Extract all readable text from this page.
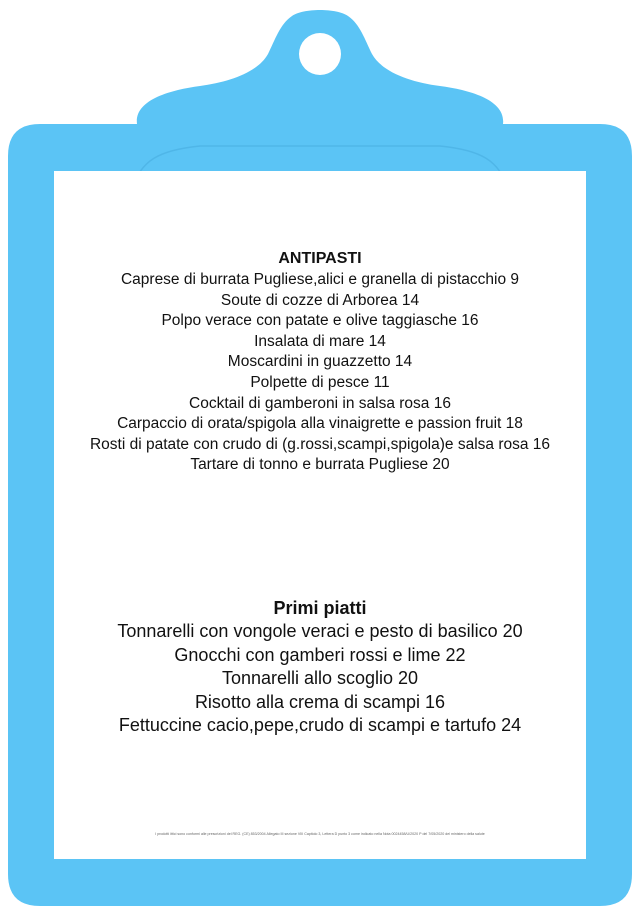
ANTIPASTI
Caprese di burrata Pugliese,alici e granella di pistacchio 9
Soute di cozze di Arborea 14
Polpo verace con patate e olive taggiasche 16
Insalata di mare 14
Moscardini in guazzetto 14
Polpette di pesce 11
Cocktail di gamberoni in salsa rosa 16
Carpaccio di orata/spigola alla vinaigrette e passion fruit 18
Rosti di patate con crudo di (g.rossi,scampi,spigola)e salsa rosa 16
Tartare di tonno e burrata Pugliese 20
Primi piatti
Tonnarelli con vongole veraci e pesto di basilico 20
Gnocchi con gamberi rossi e lime 22
Tonnarelli allo scoglio 20
Risotto alla crema di scampi 16
Fettuccine cacio,pepe,crudo di scampi e tartufo 24
I prodotti ittici sono conformi alle prescrizioni del REG. (CE) 853/2004 Allegato III sezione VIII Capitolo 3, Lettera D punto 3 come indicato nella Nota 0024458/U/2020 P del 7/05/2020 del ministero della salute
